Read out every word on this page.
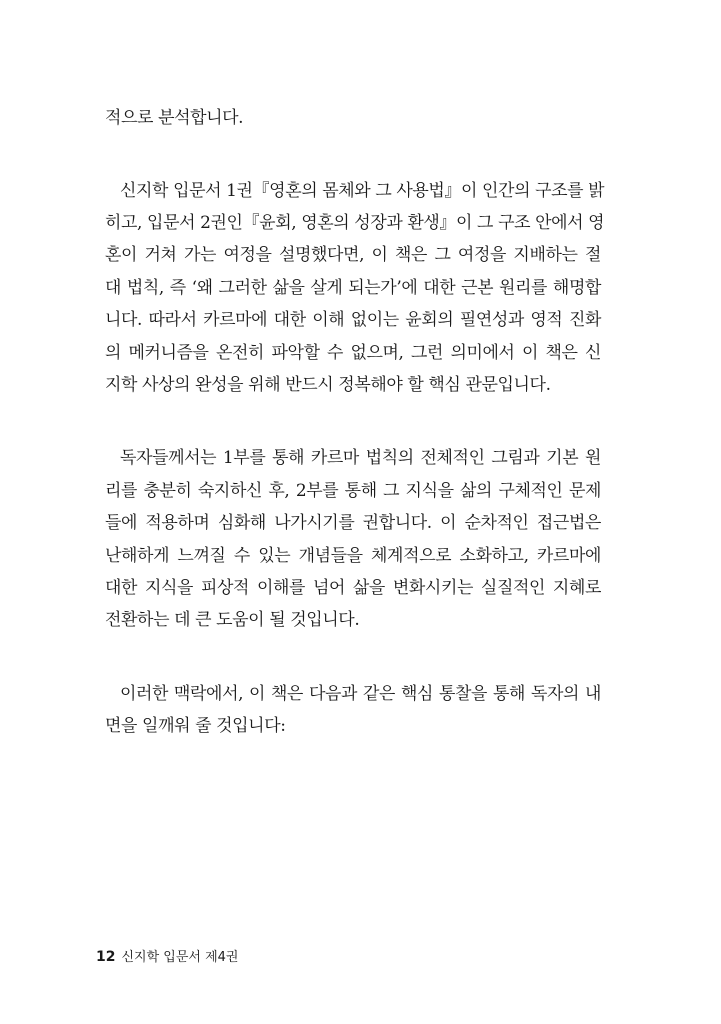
적으로 분석합니다.
신지학 입문서 1권『영혼의 몸체와 그 사용법』이 인간의 구조를 밝
히고, 입문서 2권인『윤회, 영혼의 성장과 환생』이 그 구조 안에서 영
혼이 거쳐 가는 여정을 설명했다면, 이 책은 그 여정을 지배하는 절
대 법칙, 즉 ‘왜 그러한 삶을 살게 되는가’에 대한 근본 원리를 해명합
니다. 따라서 카르마에 대한 이해 없이는 윤회의 필연성과 영적 진화
의 메커니즘을 온전히 파악할 수 없으며, 그런 의미에서 이 책은 신
지학 사상의 완성을 위해 반드시 정복해야 할 핵심 관문입니다.
독자들께서는 1부를 통해 카르마 법칙의 전체적인 그림과 기본 원
리를 충분히 숙지하신 후, 2부를 통해 그 지식을 삶의 구체적인 문제
들에 적용하며 심화해 나가시기를 권합니다. 이 순차적인 접근법은
난해하게 느껴질 수 있는 개념들을 체계적으로 소화하고, 카르마에
대한 지식을 피상적 이해를 넘어 삶을 변화시키는 실질적인 지혜로
전환하는 데 큰 도움이 될 것입니다.
이러한 맥락에서, 이 책은 다음과 같은 핵심 통찰을 통해 독자의 내
면을 일깨워 줄 것입니다:
12 신지학 입문서 제4권
